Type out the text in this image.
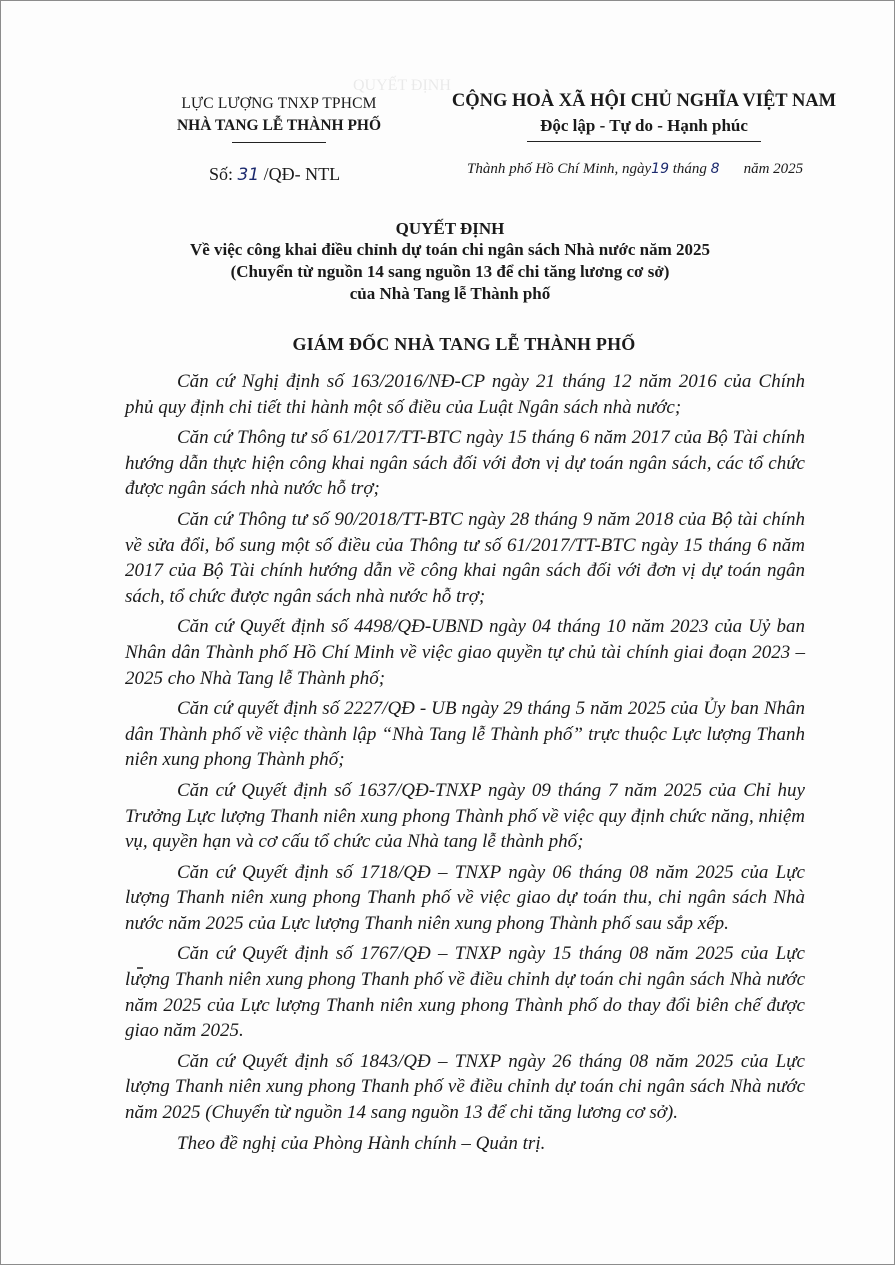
QUYẾT ĐỊNH
LỰC LƯỢNG TNXP TPHCM
NHÀ TANG LỄ THÀNH PHỐ
CỘNG HOÀ XÃ HỘI CHỦ NGHĨA VIỆT NAM
Độc lập - Tự do - Hạnh phúc
Số: 31 /QĐ- NTL	Thành phố Hồ Chí Minh, ngày19 tháng 8 năm 2025
QUYẾT ĐỊNH
Về việc công khai điều chỉnh dự toán chi ngân sách Nhà nước năm 2025
(Chuyển từ nguồn 14 sang nguồn 13 để chi tăng lương cơ sở)
của Nhà Tang lễ Thành phố
GIÁM ĐỐC NHÀ TANG LỄ THÀNH PHỐ

Căn cứ Nghị định số 163/2016/NĐ-CP ngày 21 tháng 12 năm 2016 của Chính phủ quy định chi tiết thi hành một số điều của Luật Ngân sách nhà nước;

Căn cứ Thông tư số 61/2017/TT-BTC ngày 15 tháng 6 năm 2017 của Bộ Tài chính hướng dẫn thực hiện công khai ngân sách đối với đơn vị dự toán ngân sách, các tổ chức được ngân sách nhà nước hỗ trợ;

Căn cứ Thông tư số 90/2018/TT-BTC ngày 28 tháng 9 năm 2018 của Bộ tài chính về sửa đổi, bổ sung một số điều của Thông tư số 61/2017/TT-BTC ngày 15 tháng 6 năm 2017 của Bộ Tài chính hướng dẫn về công khai ngân sách đối với đơn vị dự toán ngân sách, tổ chức được ngân sách nhà nước hỗ trợ;

Căn cứ Quyết định số 4498/QĐ-UBND ngày 04 tháng 10 năm 2023 của Uỷ ban Nhân dân Thành phố Hồ Chí Minh về việc giao quyền tự chủ tài chính giai đoạn 2023 – 2025 cho Nhà Tang lễ Thành phố;

Căn cứ quyết định số 2227/QĐ - UB ngày 29 tháng 5 năm 2025 của Ủy ban Nhân dân Thành phố về việc thành lập “Nhà Tang lễ Thành phố” trực thuộc Lực lượng Thanh niên xung phong Thành phố;

Căn cứ Quyết định số 1637/QĐ-TNXP ngày 09 tháng 7 năm 2025 của Chỉ huy Trưởng Lực lượng Thanh niên xung phong Thành phố về việc quy định chức năng, nhiệm vụ, quyền hạn và cơ cấu tổ chức của Nhà tang lễ thành phố;

Căn cứ Quyết định số 1718/QĐ – TNXP ngày 06 tháng 08 năm 2025 của Lực lượng Thanh niên xung phong Thanh phố về việc giao dự toán thu, chi ngân sách Nhà nước năm 2025 của Lực lượng Thanh niên xung phong Thành phố sau sắp xếp.

Căn cứ Quyết định số 1767/QĐ – TNXP ngày 15 tháng 08 năm 2025 của Lực lượng Thanh niên xung phong Thanh phố về điều chỉnh dự toán chi ngân sách Nhà nước năm 2025 của Lực lượng Thanh niên xung phong Thành phố do thay đổi biên chế được giao năm 2025.

Căn cứ Quyết định số 1843/QĐ – TNXP ngày 26 tháng 08 năm 2025 của Lực lượng Thanh niên xung phong Thanh phố về điều chỉnh dự toán chi ngân sách Nhà nước năm 2025 (Chuyển từ nguồn 14 sang nguồn 13 để chi tăng lương cơ sở).

Theo đề nghị của Phòng Hành chính – Quản trị.
